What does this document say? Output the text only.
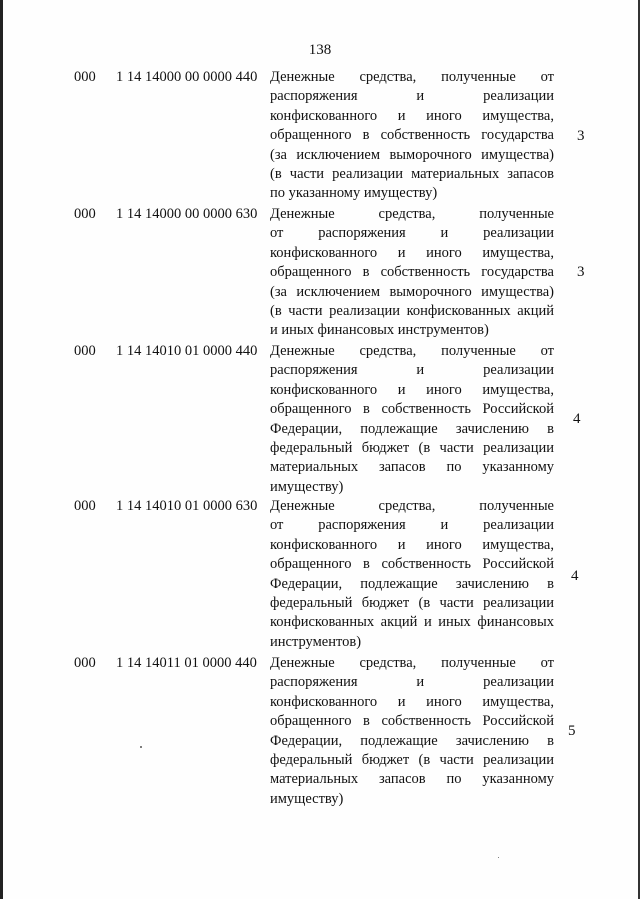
138
000 1 14 14000 00 0000 440 Денежные средства, полученные от
распоряжения и реализации
конфискованного и иного имущества,
обращенного в собственность государства
(за исключением выморочного имущества)
(в части реализации материальных запасов
по указанному имуществу)
3
000 1 14 14000 00 0000 630 Денежные средства, полученные
от распоряжения и реализации
конфискованного и иного имущества,
обращенного в собственность государства
(за исключением выморочного имущества)
(в части реализации конфискованных акций
и иных финансовых инструментов)
3
000 1 14 14010 01 0000 440 Денежные средства, полученные от
распоряжения и реализации
конфискованного и иного имущества,
обращенного в собственность Российской
Федерации, подлежащие зачислению в
федеральный бюджет (в части реализации
материальных запасов по указанному
имуществу)
4
000 1 14 14010 01 0000 630 Денежные средства, полученные
от распоряжения и реализации
конфискованного и иного имущества,
обращенного в собственность Российской
Федерации, подлежащие зачислению в
федеральный бюджет (в части реализации
конфискованных акций и иных финансовых
инструментов)
4
000 1 14 14011 01 0000 440 Денежные средства, полученные от
распоряжения и реализации
конфискованного и иного имущества,
обращенного в собственность Российской
Федерации, подлежащие зачислению в
федеральный бюджет (в части реализации
материальных запасов по указанному
имуществу)
5
